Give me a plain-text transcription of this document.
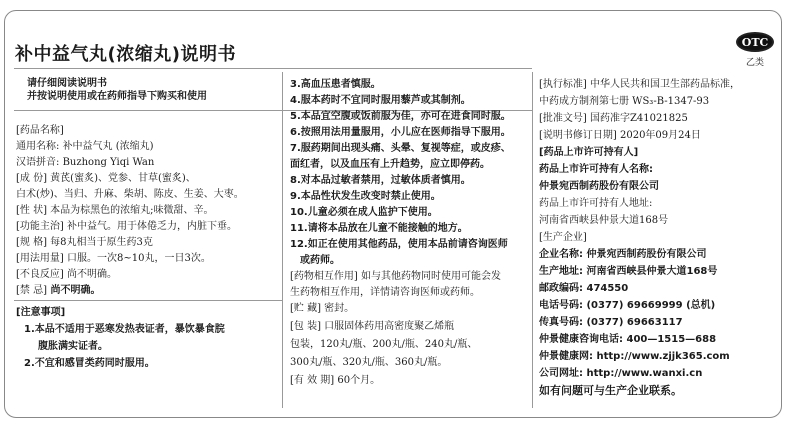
补中益气丸(浓缩丸)说明书
OTC
乙类
请仔细阅读说明书
并按说明使用或在药师指导下购买和使用
[药品名称]
通用名称: 补中益气丸 (浓缩丸)
汉语拼音: Buzhong Yiqi Wan
[成 份] 黄芪(蜜炙)、党参、甘草(蜜炙)、
白术(炒)、当归、升麻、柴胡、陈皮、生姜、大枣。
[性 状] 本品为棕黑色的浓缩丸;味微甜、辛。
[功能主治] 补中益气。用于体倦乏力，内脏下垂。
[规 格] 每8丸相当于原生药3克
[用法用量] 口服。一次8~10丸，一日3次。
[不良反应] 尚不明确。
[禁 忌] 尚不明确。
[注意事项]
1.本品不适用于恶寒发热表证者，暴饮暴食脘
腹胀满实证者。
2.不宜和感冒类药同时服用。
3.高血压患者慎服。
4.服本药时不宜同时服用藜芦或其制剂。
5.本品宜空腹或饭前服为佳，亦可在进食同时服。
6.按照用法用量服用，小儿应在医师指导下服用。
7.服药期间出现头痛、头晕、复视等症，或皮疹、
面红者，以及血压有上升趋势，应立即停药。
8.对本品过敏者禁用，过敏体质者慎用。
9.本品性状发生改变时禁止使用。
10.儿童必须在成人监护下使用。
11.请将本品放在儿童不能接触的地方。
12.如正在使用其他药品，使用本品前请咨询医师
或药师。
[药物相互作用] 如与其他药物同时使用可能会发
生药物相互作用，详情请咨询医师或药师。
[贮 藏] 密封。
[包 装] 口服固体药用高密度聚乙烯瓶
包装，120丸/瓶、200丸/瓶、240丸/瓶、
300丸/瓶、320丸/瓶、360丸/瓶。
[有 效 期] 60个月。
[执行标准] 中华人民共和国卫生部药品标准，
中药成方制剂第七册 WS₃-B-1347-93
[批准文号] 国药准字Z41021825
[说明书修订日期] 2020年09月24日
[药品上市许可持有人]
药品上市许可持有人名称:
仲景宛西制药股份有限公司
药品上市许可持有人地址:
河南省西峡县仲景大道168号
[生产企业]
企业名称: 仲景宛西制药股份有限公司
生产地址: 河南省西峡县仲景大道168号
邮政编码: 474550
电话号码: (0377) 69669999 (总机)
传真号码: (0377) 69663117
仲景健康咨询电话: 400—1515—688
仲景健康网: http://www.zjjk365.com
公司网址: http://www.wanxi.cn
如有问题可与生产企业联系。
